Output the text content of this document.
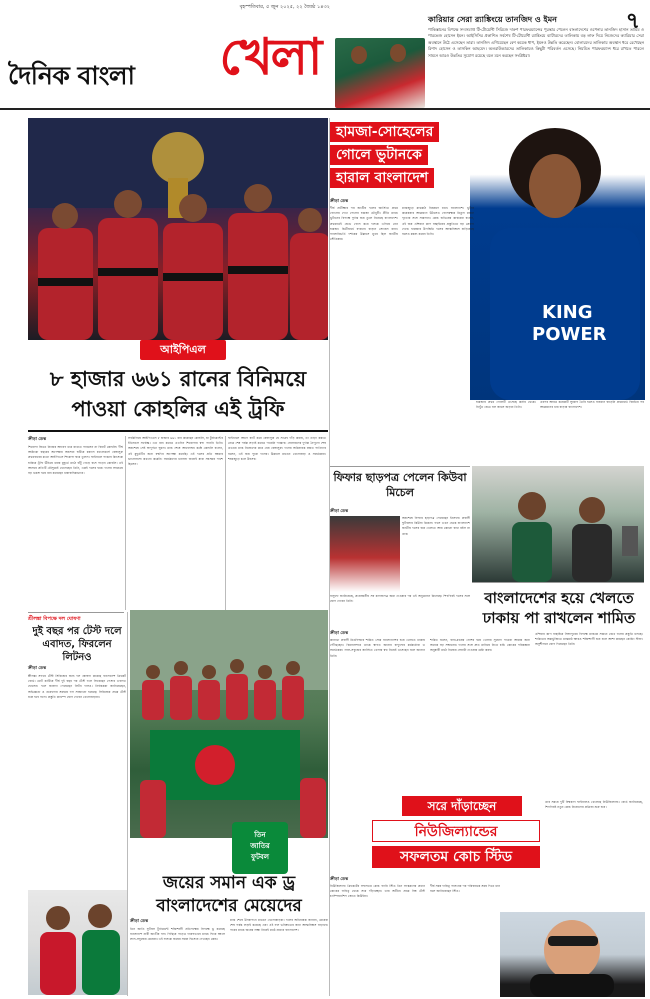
বৃহস্পতিবার, ৫ জুন ২০২৫, ২২ জ্যৈষ্ঠ ১৪৩২
দৈনিক বাংলা খেলা
কারিয়ার সেরা র‍্যাঙ্কিংয়ে তানজিদ ও ইমন	৭
পাকিস্তানের বিপক্ষে সদ্যসমাপ্ত টি-টোয়েন্টি সিরিজে দারুণ পারফরম্যান্সের পুরস্কার পেলেন বাংলাদেশের ওপেনার তানজিদ হাসান তামিম ও পারভেজ হোসেন ইমন। আইসিসির প্রকাশিত সর্বশেষ টি-টোয়েন্টি র‍্যাঙ্কিংয়ে ব্যাটারদের তালিকায় বড় লাফ দিয়ে নিজেদের ক্যারিয়ার সেরা অবস্থানে উঠে এসেছেন তারা। তানজিদ এগিয়েছেন বেশ কয়েক ধাপ, ইমনও উন্নতি করেছেন। বোলারদের তালিকায় অবস্থান ধরে রেখেছেন রিশাদ হোসেন ও তাসকিন আহমেদ। অলরাউন্ডারদের তালিকায়ও কিছুটা পরিবর্তন এসেছে। নিয়মিত পারফরম্যান্স ধরে রাখতে পারলে সামনে আরও উন্নতির সুযোগ রয়েছে বলে মনে করছেন সংশ্লিষ্টরা।
আইপিএল
৮ হাজার ৬৬১ রানের বিনিময়ে পাওয়া কোহলির এই ট্রফি
ক্রীড়া ডেস্ক
শিরোপা জিতে নিজের আবেগ ধরে রাখতে পারলেন না বিরাট কোহলি। দীর্ঘ আঠারো বছরের অপেক্ষার অবসান ঘটিয়ে রয়্যাল চ্যালেঞ্জার্স বেঙ্গালুরু প্রথমবারের মতো আইপিএল শিরোপা ঘরে তুলল। ফাইনালে পাঞ্জাব কিংসকে হারিয়ে ট্রফি উঁচিয়ে ধরার মুহূর্তে মাঠে হাঁটু গেড়ে বসে পড়েন কোহলি। এই আসরে প্রতিটি মৌসুমেই খেলেছেন তিনি, একই দলের হয়ে। দলের সবচেয়ে বড় ভরসা হয়ে রান করেছেন ধারাবাহিকভাবে।
সবমিলিয়ে আইপিএলে ৮ হাজার ৬৬১ রান করেছেন কোহলি, যা টুর্নামেন্টের ইতিহাসে সর্বোচ্চ। এত রান করেও এতদিন শিরোপার স্বাদ পাননি তিনি। অবশেষে সেই অপূর্ণতা ঘুচল। ম্যাচ শেষে আবেগঘন কণ্ঠে কোহলি বলেন, এই মুহূর্তটির জন্য বহুদিন অপেক্ষা করেছি। এই দলের প্রতি আমার ভালোবাসা কখনো কমেনি। সমর্থকদের ধন্যবাদ জানাই যারা সবসময় পাশে ছিলেন।
ফাইনালে আগে ব্যাট করে বেঙ্গালুরু যে সংগ্রহ দাঁড় করায়, তা তাড়া করতে নেমে শেষ পর্যন্ত লড়াই করেও পারেনি পাঞ্জাব। বোলারদের দুর্দান্ত নৈপুণ্যে শেষ ওভারে ম্যাচ নিজেদের করে নেয় বেঙ্গালুরু। দলের অধিনায়ক রজত পাতিদার বলেন, এই জয় পুরো দলের। উল্লাসে মাতেন খেলোয়াড় ও সমর্থকেরা। শহরজুড়ে চলে উৎসব।
শ্রীলঙ্কা বিপক্ষে দল ঘোষণা
দুই বছর পর টেস্ট দলে এবাদত, ফিরলেন লিটনও
ক্রীড়া ডেস্ক
শ্রীলঙ্কা সফরে টেস্ট সিরিজের জন্য দল ঘোষণা করেছে বাংলাদেশ ক্রিকেট বোর্ড। চোট কাটিয়ে দীর্ঘ দুই বছর পর টেস্ট দলে ফিরেছেন পেসার এবাদত হোসেন। দলে জায়গা পেয়েছেন লিটন দাসও। নির্বাচকরা জানিয়েছেন, অভিজ্ঞতা ও তারুণ্যের সমন্বয়ে দল সাজানো হয়েছে। সিরিজের প্রথম টেস্ট শুরু হবে গলে। প্রস্তুতি ক্যাম্পে যোগ দেবেন খেলোয়াড়রা।
তিন
জাতির
ফুটবল
জয়ের সমান এক ড্র বাংলাদেশের মেয়েদের
ক্রীড়া ডেস্ক
তিন জাতি ফুটবল টুর্নামেন্টে শক্তিশালী প্রতিপক্ষের বিপক্ষে ড্র করেছে বাংলাদেশ নারী জাতীয় দল। পিছিয়ে পড়েও দারুণভাবে ম্যাচে ফিরে আসে লাল-সবুজের মেয়েরা। এই ফলকে জয়ের সমান হিসেবে দেখছেন কোচ।
ম্যাচ শেষে উদযাপনে মাতেন খেলোয়াড়রা। দলের অধিনায়ক জানান, মেয়েরা শেষ পর্যন্ত লড়াই করেছে এবং এই ফল ভবিষ্যতের জন্য আত্মবিশ্বাস বাড়াবে। পরের ম্যাচে জয়ের লক্ষ্য নিয়েই মাঠে নামবে বাংলাদেশ।
হামজা-সোহেলের
গোলে ভুটানকে
হারাল বাংলাদেশ
KING
POWER
ক্রীড়া ডেস্ক
দীর্ঘ প্রতীক্ষার পর জাতীয় দলের জার্সিতে প্রথম গোলের দেখা পেলেন হামজা চৌধুরী। প্রীতি ম্যাচে ভুটানের বিপক্ষে দুর্দান্ত জয় তুলে নিয়েছে বাংলাদেশ। প্রথমার্ধেই হেডে গোল করে দলকে এগিয়ে নেন হামজা। দ্বিতীয়ার্ধে ব্যবধান বাড়ান সোহেল রানা। গ্যালারিভর্তি দর্শকের উল্লাসে মুখর ছিল জাতীয় স্টেডিয়াম।
ম্যাচজুড়ে মাঝমাঠ নিয়ন্ত্রণে রাখে বাংলাদেশ। ভুটান কয়েকবার আক্রমণে উঠলেও গোলরক্ষক মিতুল মারমা দৃঢ়তার সঙ্গে সামলান। কোচ হাভিয়ের কাবরেরা বলেন, এই জয় এশিয়ান কাপ বাছাইয়ের প্রস্তুতিতে বড় প্রেরণা দেবে। হামজার উপস্থিতি দলের আত্মবিশ্বাস বাড়িয়েছে বলেও মন্তব্য করেন তিনি।
হামজার প্রথম গোলটি এসেছে কর্নার থেকে। নিখুঁত হেডে বল জালে জড়ান তিনি।
এরপর আরও কয়েকটি সুযোগ তৈরি হলেও ব্যবধান বাড়েনি প্রথমার্ধে। বিরতির পর আক্রমণের ধার বাড়ায় বাংলাদেশ।
ফিফার ছাড়পত্র পেলেন কিউবা মিচেল
ক্রীড়া ডেস্ক
অবশেষে ফিফার ছাড়পত্র পেয়েছেন ইংল্যান্ড প্রবাসী ফুটবলার কিউবা মিচেল। ফলে এখন থেকে বাংলাদেশ জাতীয় দলের হয়ে খেলতে আর কোনো বাধা রইল না তার।
বাফুফে জানিয়েছে, প্রয়োজনীয় সব কাগজপত্র জমা দেওয়ার পর এই অনুমোদন মিলেছে। শিগগিরই দলের সঙ্গে যোগ দেবেন তিনি।	বাংলাদেশের হয়ে খেলতে ঢাকায় পা রাখলেন শামিত
ক্রীড়া ডেস্ক
কানাডা প্রবাসী মিডফিল্ডার শামিত সোম বাংলাদেশের হয়ে খেলতে ঢাকায় পৌঁছেছেন। বিমানবন্দরে তাকে স্বাগত জানান বাফুফের কর্মকর্তারা ও সমর্থকেরা। লাল-সবুজের জার্সিতে খেলার স্বপ্ন নিয়েই এসেছেন বলে জানান তিনি।
শামিত বলেন, বাবা-মায়ের দেশের হয়ে খেলার সুযোগ পাওয়া আমার জন্য অনেক বড় সম্মানের। দলের সঙ্গে দ্রুত মানিয়ে নিতে চাই। কোচের পরিকল্পনা অনুযায়ী মাঠে নিজের সেরাটা দেওয়ার চেষ্টা করব।
এশিয়ান কাপ বাছাইয়ে সিঙ্গাপুরের বিপক্ষে ম্যাচকে সামনে রেখে দলের প্রস্তুতি চলছে। শামিতের অন্তর্ভুক্তিতে মাঝমাঠ আরও শক্তিশালী হবে বলে আশা করছেন কোচিং স্টাফ। অনুশীলনে যোগ দিয়েছেন তিনি।
সরে দাঁড়াচ্ছেন
নিউজিল্যান্ডের
সফলতম কোচ স্টিড
ক্রীড়া ডেস্ক
নিউজিল্যান্ড ক্রিকেটের সফলতম কোচ গ্যারি স্টিড তিন সংস্করণের প্রধান কোচের দায়িত্ব থেকে সরে দাঁড়াচ্ছেন। তার অধীনে প্রথম বিশ্ব টেস্ট চ্যাম্পিয়নশিপ জেতে কিউইরা।
দীর্ঘ সময় দায়িত্ব পালনের পর পরিবারকে সময় দিতে চান বলে জানিয়েছেন স্টিড।
তার সময়ে দুটি বিশ্বকাপ ফাইনালও খেলেছে নিউজিল্যান্ড। বোর্ড জানিয়েছে, শিগগিরই নতুন কোচ নিয়োগের প্রক্রিয়া শুরু হবে।
